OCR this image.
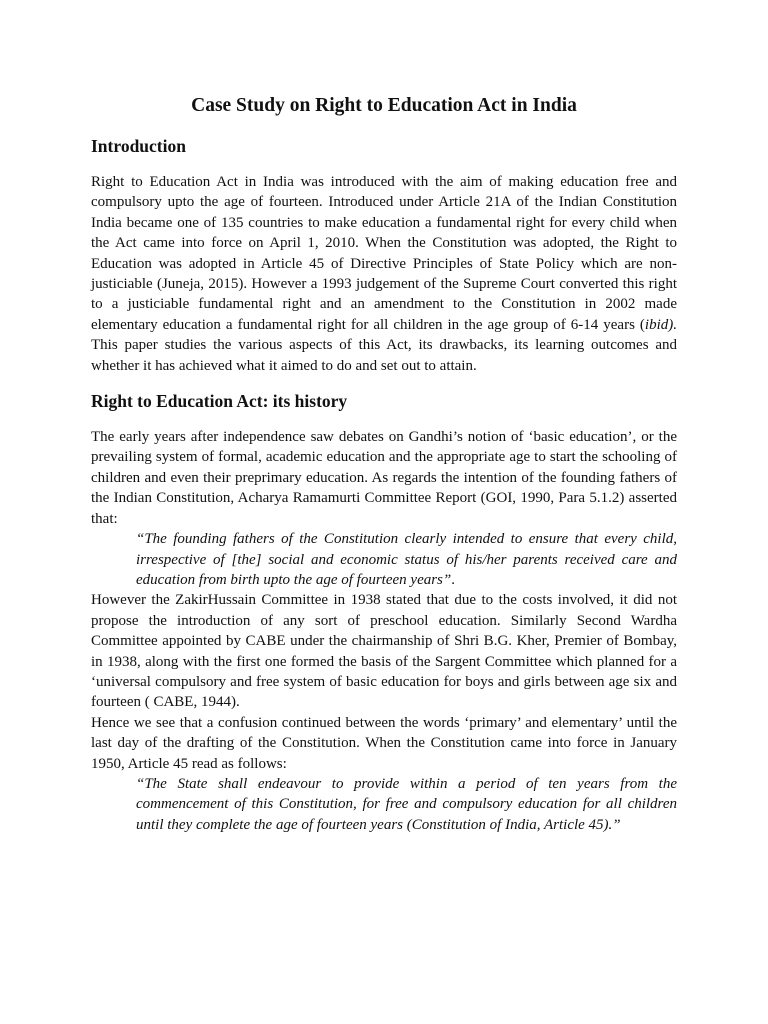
Case Study on Right to Education Act in India
Introduction

Right to Education Act in India was introduced with the aim of making education free and compulsory upto the age of fourteen. Introduced under Article 21A of the Indian Constitution India became one of 135 countries to make education a fundamental right for every child when the Act came into force on April 1, 2010. When the Constitution was adopted, the Right to Education was adopted in Article 45 of Directive Principles of State Policy which are non-justiciable (Juneja, 2015). However a 1993 judgement of the Supreme Court converted this right to a justiciable fundamental right and an amendment to the Constitution in 2002 made elementary education a fundamental right for all children in the age group of 6-14 years (ibid). This paper studies the various aspects of this Act, its drawbacks, its learning outcomes and whether it has achieved what it aimed to do and set out to attain.

Right to Education Act: its history

The early years after independence saw debates on Gandhi’s notion of ‘basic education’, or the prevailing system of formal, academic education and the appropriate age to start the schooling of children and even their preprimary education. As regards the intention of the founding fathers of the Indian Constitution, Acharya Ramamurti Committee Report (GOI, 1990, Para 5.1.2) asserted that:

“The founding fathers of the Constitution clearly intended to ensure that every child, irrespective of [the] social and economic status of his/her parents received care and education from birth upto the age of fourteen years”.

However the ZakirHussain Committee in 1938 stated that due to the costs involved, it did not propose the introduction of any sort of preschool education. Similarly Second Wardha Committee appointed by CABE under the chairmanship of Shri B.G. Kher, Premier of Bombay, in 1938, along with the first one formed the basis of the Sargent Committee which planned for a ‘universal compulsory and free system of basic education for boys and girls between age six and fourteen ( CABE, 1944).

Hence we see that a confusion continued between the words ‘primary’ and elementary’ until the last day of the drafting of the Constitution. When the Constitution came into force in January 1950, Article 45 read as follows:

“The State shall endeavour to provide within a period of ten years from the commencement of this Constitution, for free and compulsory education for all children until they complete the age of fourteen years (Constitution of India, Article 45).”
